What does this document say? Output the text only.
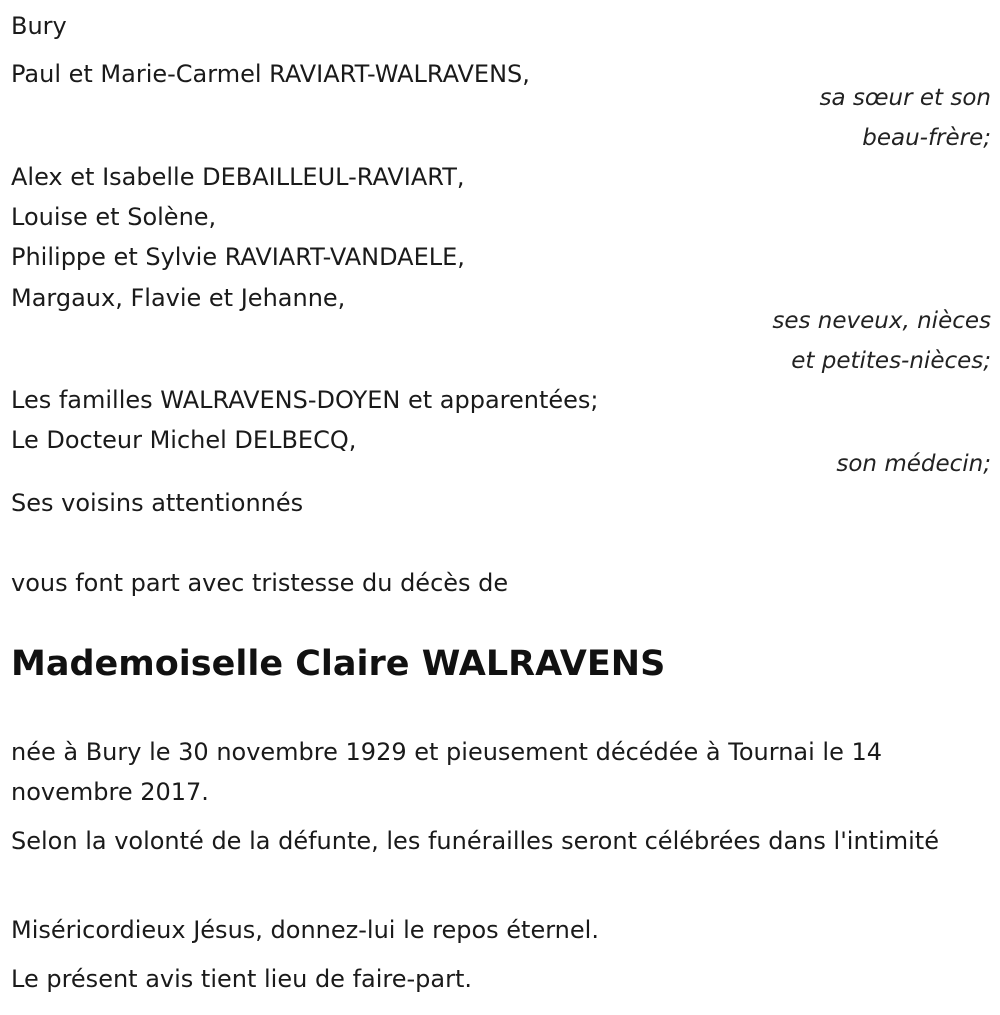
Bury
Paul et Marie-Carmel RAVIART-WALRAVENS,
sa sœur et son
beau-frère;
Alex et Isabelle DEBAILLEUL-RAVIART,
Louise et Solène,
Philippe et Sylvie RAVIART-VANDAELE,
Margaux, Flavie et Jehanne,
ses neveux, nièces
et petites-nièces;
Les familles WALRAVENS-DOYEN et apparentées;
Le Docteur Michel DELBECQ,
son médecin;
Ses voisins attentionnés
vous font part avec tristesse du décès de
Mademoiselle Claire WALRAVENS
née à Bury le 30 novembre 1929 et pieusement décédée à Tournai le 14 novembre 2017.
Selon la volonté de la défunte, les funérailles seront célébrées dans l'intimité
Miséricordieux Jésus, donnez-lui le repos éternel.
Le présent avis tient lieu de faire-part.
